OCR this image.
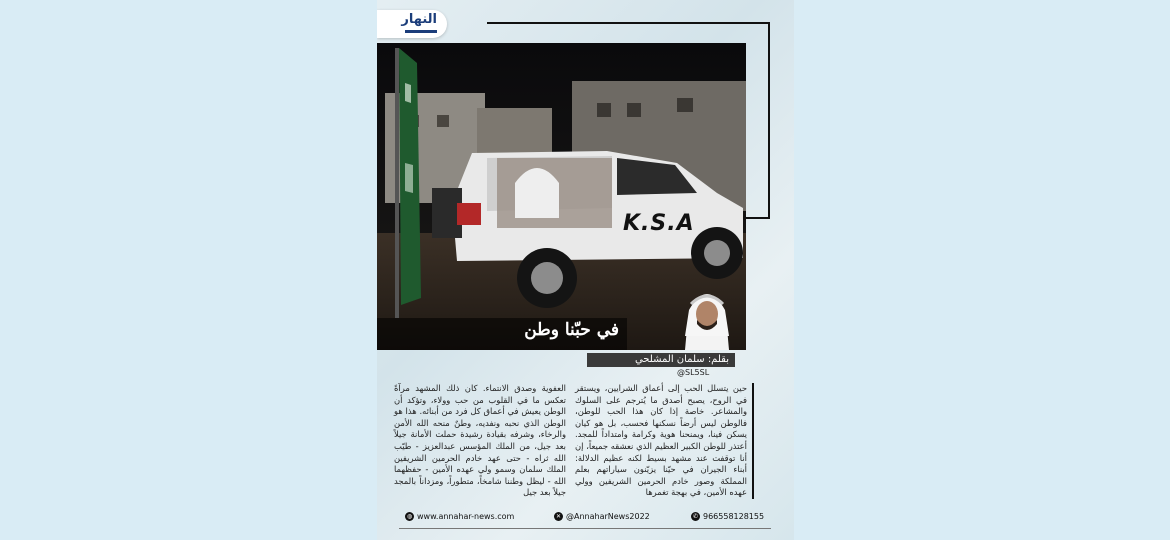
النهار
K.S.A
في حبّنا وطن
بقلم: سلمان المشلحي
@SL5SL
حين يتسلل الحب إلى أعماق الشرايين، ويستقر في الروح، يصبح أصدق ما يُترجم على السلوك والمشاعر. خاصة إذا كان هذا الحب للوطن، فالوطن ليس أرضاً نسكنها فحسب، بل هو كيان يسكن فينا، ويمنحنا هوية وكرامة وامتداداً للمجد. أعتذر للوطن الكبير العظيم الذي نعشقه جميعاً، إن أنا توقفت عند مشهد بسيط لكنه عظيم الدلالة: أبناء الجيران في حيّنا يزيّنون سياراتهم بعلم المملكة وصور خادم الحرمين الشريفين وولي عهده الأمين، في بهجة تغمرها
العفوية وصدق الانتماء. كان ذلك المشهد مرآةً تعكس ما في القلوب من حب وولاء، وتؤكد أن الوطن يعيش في أعماق كل فرد من أبنائه. هذا هو الوطن الذي نحبه ونفديه، وطنٌ منحه الله الأمن والرخاء، وشرفه بقيادة رشيدة حملت الأمانة جيلاً بعد جيل، من الملك المؤسس عبدالعزيز - طيّب الله ثراه - حتى عهد خادم الحرمين الشريفين الملك سلمان وسمو ولي عهده الأمين - حفظهما الله - ليظل وطننا شامخاً، متطوراً، ومزداناً بالمجد جيلاً بعد جيل
◍ www.annahar-news.com	✕ @AnnaharNews2022	✆ 966558128155
